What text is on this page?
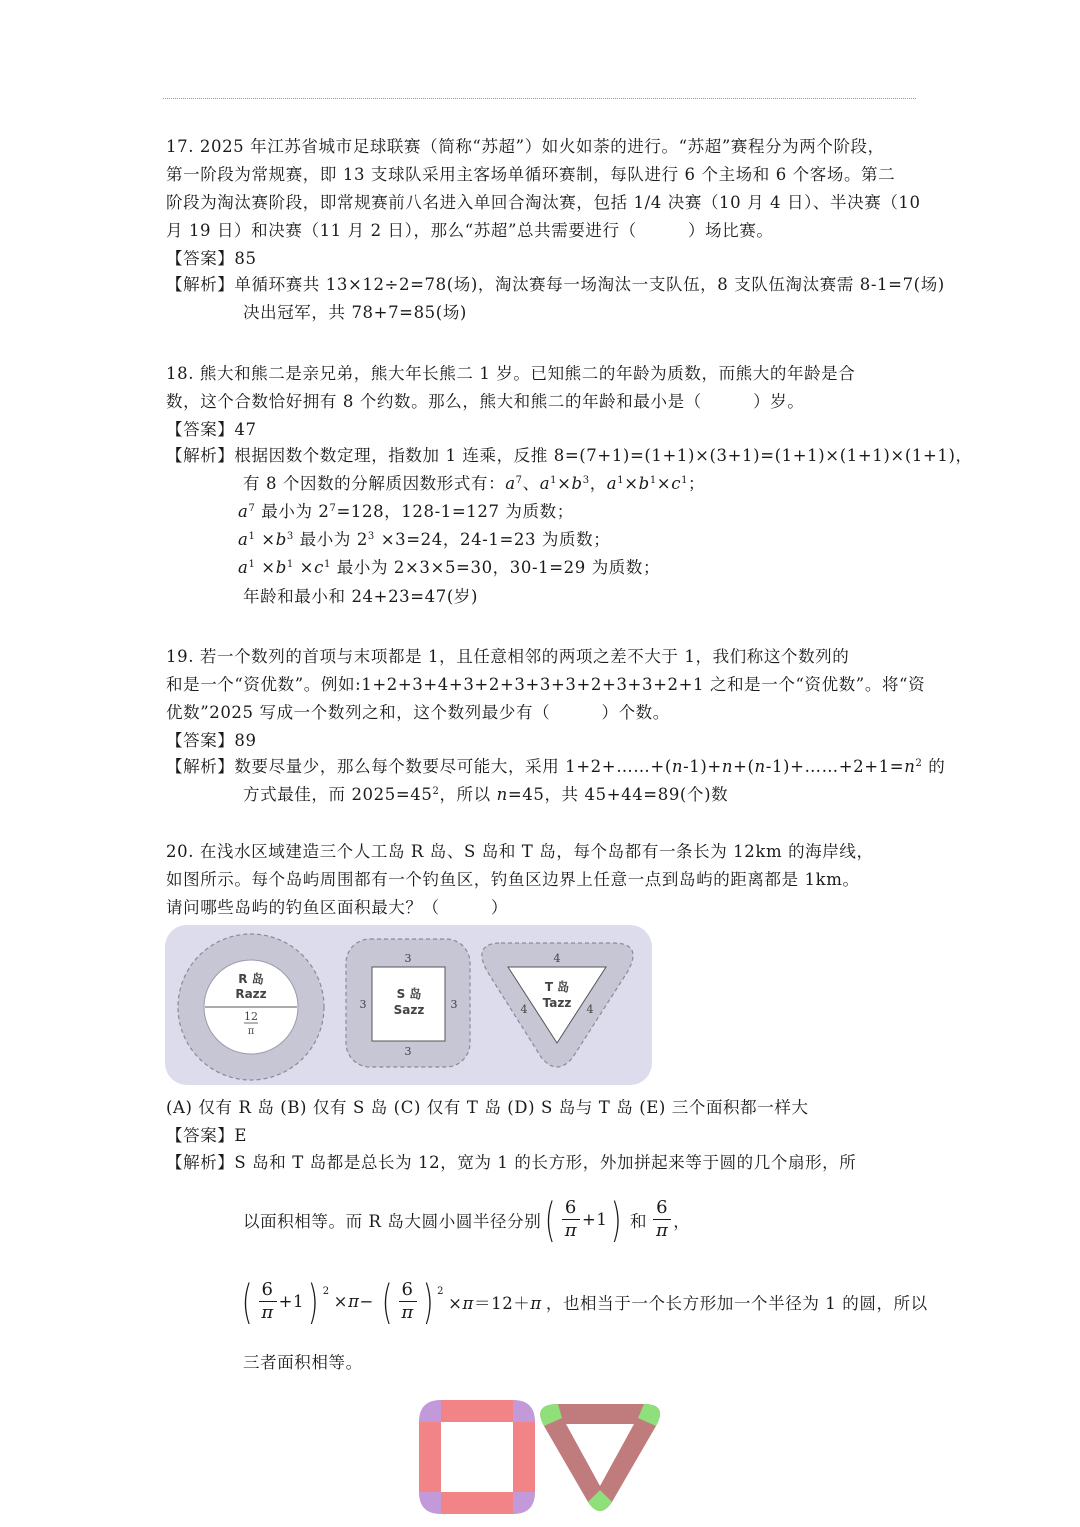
17. 2025 年江苏省城市足球联赛（简称“苏超”）如火如荼的进行。“苏超”赛程分为两个阶段，
第一阶段为常规赛，即 13 支球队采用主客场单循环赛制，每队进行 6 个主场和 6 个客场。第二
阶段为淘汰赛阶段，即常规赛前八名进入单回合淘汰赛，包括 1/4 决赛（10 月 4 日）、半决赛（10
月 19 日）和决赛（11 月 2 日），那么“苏超”总共需要进行（　　　）场比赛。
【答案】85
【解析】单循环赛共 13×12÷2=78(场)，淘汰赛每一场淘汰一支队伍，8 支队伍淘汰赛需 8-1=7(场)
决出冠军，共 78+7=85(场)
18. 熊大和熊二是亲兄弟，熊大年长熊二 1 岁。已知熊二的年龄为质数，而熊大的年龄是合
数，这个合数恰好拥有 8 个约数。那么，熊大和熊二的年龄和最小是（　　　）岁。
【答案】47
【解析】根据因数个数定理，指数加 1 连乘，反推 8=(7+1)=(1+1)×(3+1)=(1+1)×(1+1)×(1+1)，
有 8 个因数的分解质因数形式有：$a^7$、$a^1\times b^3$，$a^1\times b^1\times c^1$；
$a^7$ 最小为 $2^7=128$，128-1=127 为质数；
$a^1 \times b^3$ 最小为 $2^3 \times 3=24$，24-1=23 为质数；
$a^1 \times b^1 \times c^1$ 最小为 2×3×5=30，30-1=29 为质数；
年龄和最小和 24+23=47(岁)
19. 若一个数列的首项与末项都是 1，且任意相邻的两项之差不大于 1，我们称这个数列的
和是一个“资优数”。例如:1+2+3+4+3+2+3+3+3+2+3+3+2+1 之和是一个“资优数”。将“资
优数”2025 写成一个数列之和，这个数列最少有（　　　）个数。
【答案】89
【解析】数要尽量少，那么每个数要尽可能大，采用 $1+2+\dots\dots+(n-1)+n+(n-1)+\dots\dots+2+1=n^2$ 的
方式最佳，而 $2025=45^2$，所以 n=45，共 45+44=89(个)数
20. 在浅水区域建造三个人工岛 R 岛、S 岛和 T 岛，每个岛都有一条长为 12km 的海岸线，
如图所示。每个岛屿周围都有一个钓鱼区，钓鱼区边界上任意一点到岛屿的距离都是 1km。
请问哪些岛屿的钓鱼区面积最大？（　　　）
R 岛
Razz
12
π
S 岛
Sazz
3
3
3	3
T 岛
Tazz
4
4	4
(A) 仅有 R 岛 (B) 仅有 S 岛 (C) 仅有 T 岛 (D) S 岛与 T 岛 (E) 三个面积都一样大
【答案】E
【解析】S 岛和 T 岛都是总长为 12，宽为 1 的长方形，外加拼起来等于圆的几个扇形，所
以面积相等。而 R 岛大圆小圆半径分别 ( $\frac{6}{\pi} +1$ ) 和 $\frac{6}{\pi}$ ，
( $\frac{6}{\pi} +1$ ) $^2$
×π− ( $\frac{6}{\pi}$ ) $^2$
×π＝12＋π ，也相当于一个长方形加一个半径为 1 的圆，所以
三者面积相等。
